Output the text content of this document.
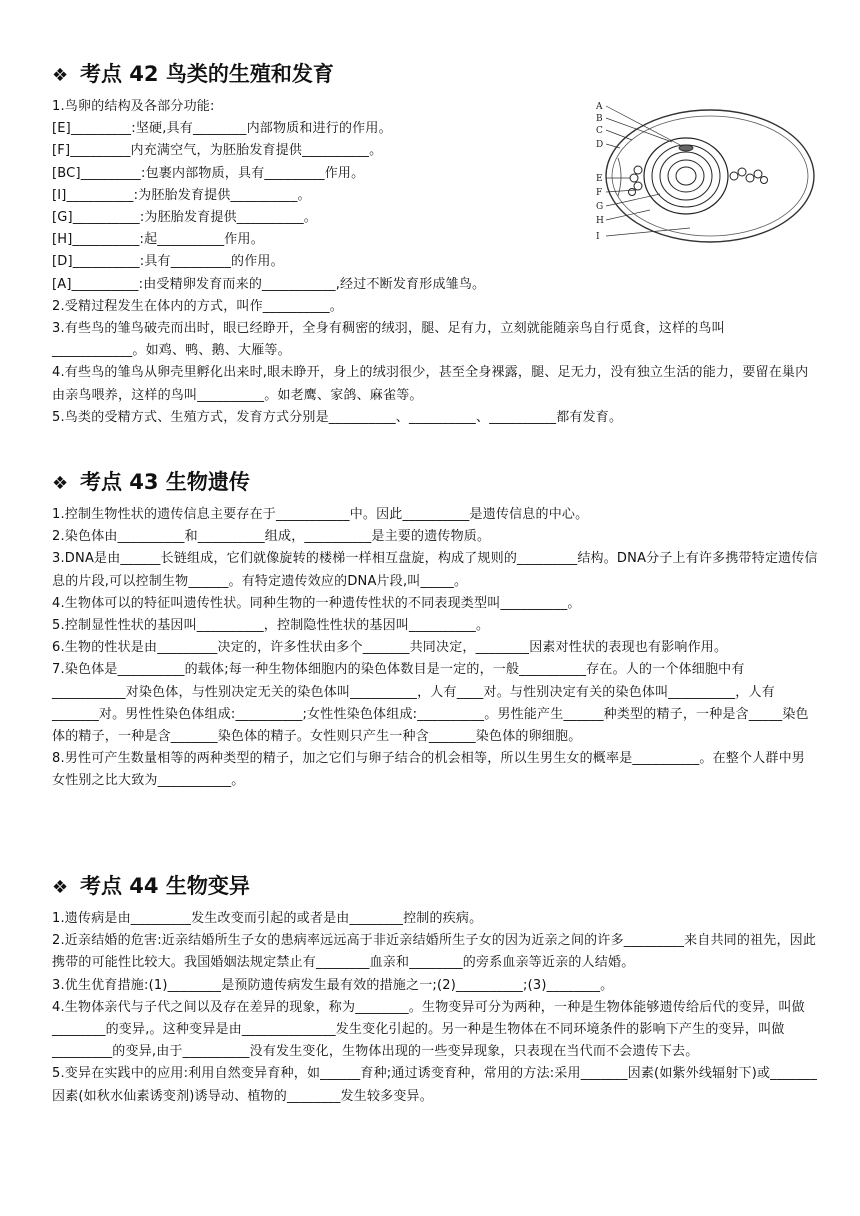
❖ 考点 42 鸟类的生殖和发育
1.鸟卵的结构及各部分功能:
[E]_________:坚硬,具有________内部物质和进行的作用。
[F]_________内充满空气，为胚胎发育提供__________。
[BC]_________:包裹内部物质，具有_________作用。
[I]__________:为胚胎发育提供__________。
[G]__________:为胚胎发育提供__________。
[H]__________:起__________作用。
[D]__________:具有_________的作用。
[A]__________:由受精卵发育而来的___________,经过不断发育形成雏鸟。
2.受精过程发生在体内的方式，叫作__________。
3.有些鸟的雏鸟破壳而出时，眼已经睁开，全身有稠密的绒羽，腿、足有力，立刻就能随亲鸟自行觅食，这样的鸟叫____________。如鸡、鸭、鹅、大雁等。
4.有些鸟的雏鸟从卵壳里孵化出来时,眼未睁开，身上的绒羽很少，甚至全身裸露，腿、足无力，没有独立生活的能力，要留在巢内由亲鸟喂养，这样的鸟叫__________。如老鹰、家鸽、麻雀等。
5.鸟类的受精方式、生殖方式，发育方式分别是__________、__________、__________都有发育。
A
B
C
D
E
F
G
H
I
❖ 考点 43 生物遗传
1.控制生物性状的遗传信息主要存在于___________中。因此__________是遗传信息的中心。
2.染色体由__________和__________组成，__________是主要的遗传物质。
3.DNA是由______长链组成，它们就像旋转的楼梯一样相互盘旋，构成了规则的_________结构。DNA分子上有许多携带特定遗传信息的片段,可以控制生物______。有特定遗传效应的DNA片段,叫_____。
4.生物体可以的特征叫遗传性状。同种生物的一种遗传性状的不同表现类型叫__________。
5.控制显性性状的基因叫__________，控制隐性性状的基因叫__________。
6.生物的性状是由_________决定的，许多性状由多个_______共同决定，________因素对性状的表现也有影响作用。
7.染色体是__________的载体;每一种生物体细胞内的染色体数目是一定的，一般__________存在。人的一个体细胞中有___________对染色体，与性别决定无关的染色体叫__________，人有____对。与性别决定有关的染色体叫__________，人有_______对。男性性染色体组成:__________;女性性染色体组成:__________。男性能产生______种类型的精子，一种是含_____染色体的精子，一种是含_______染色体的精子。女性则只产生一种含_______染色体的卵细胞。
8.男性可产生数量相等的两种类型的精子，加之它们与卵子结合的机会相等，所以生男生女的概率是__________。在整个人群中男女性别之比大致为___________。
❖ 考点 44 生物变异
1.遗传病是由_________发生改变而引起的或者是由________控制的疾病。
2.近亲结婚的危害:近亲结婚所生子女的患病率远远高于非近亲结婚所生子女的因为近亲之间的许多_________来自共同的祖先，因此携带的可能性比较大。我国婚姻法规定禁止有________血亲和________的旁系血亲等近亲的人结婚。
3.优生优育措施:(1)________是预防遗传病发生最有效的措施之一;(2)__________;(3)________。
4.生物体亲代与子代之间以及存在差异的现象，称为________。生物变异可分为两种，一种是生物体能够遗传给后代的变异，叫做________的变异,。这种变异是由______________发生变化引起的。另一种是生物体在不同环境条件的影响下产生的变异，叫做_________的变异,由于__________没有发生变化，生物体出现的一些变异现象，只表现在当代而不会遗传下去。
5.变异在实践中的应用:利用自然变异育种，如______育种;通过诱变育种，常用的方法:采用_______因素(如紫外线辐射下)或_______因素(如秋水仙素诱变剂)诱导动、植物的________发生较多变异。
